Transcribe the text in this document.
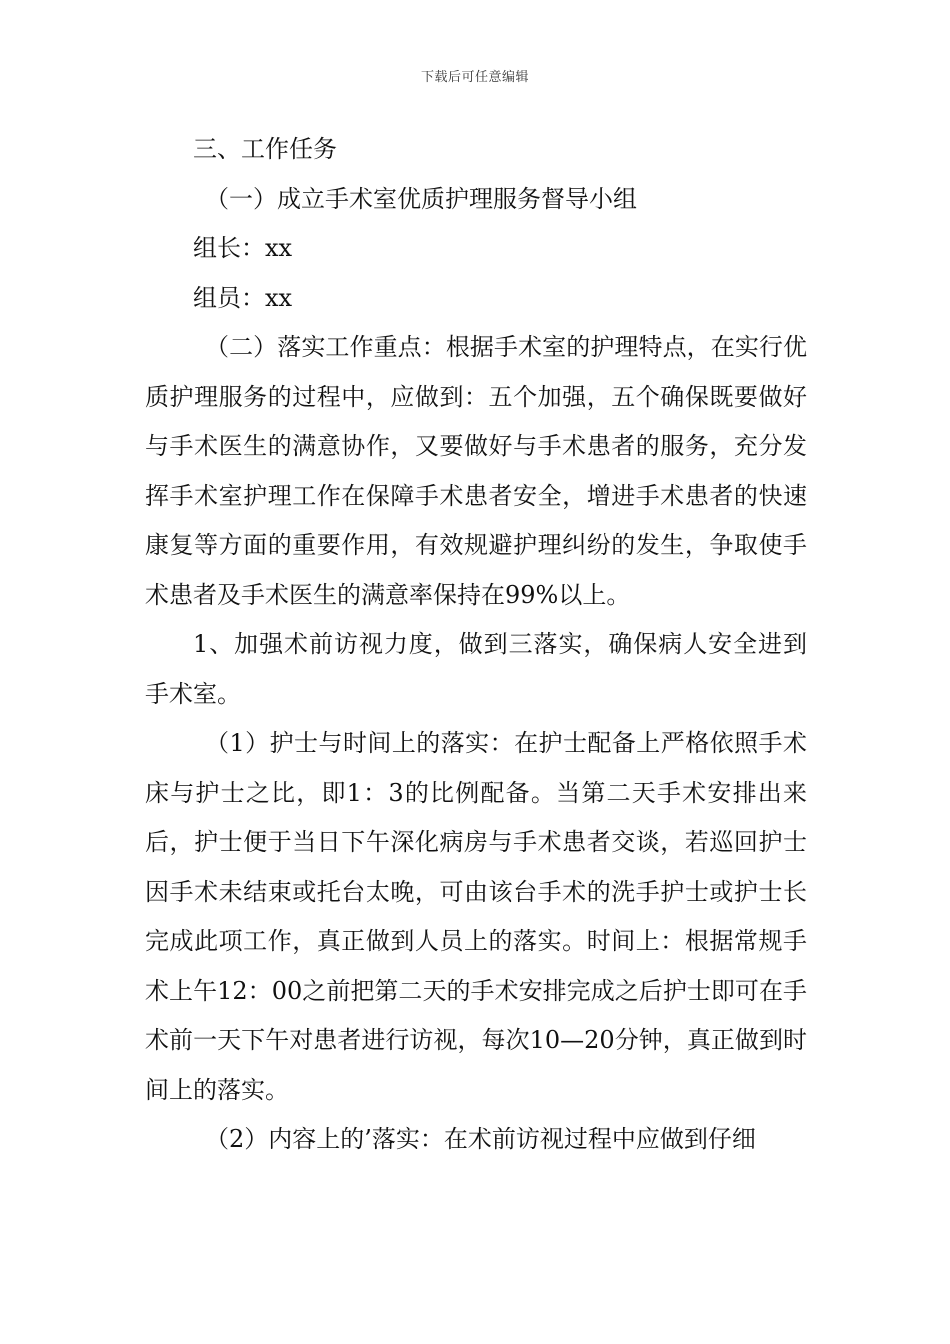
下载后可任意编辑

三、工作任务

（一）成立手术室优质护理服务督导小组

组长：xx

组员：xx

（二）落实工作重点：根据手术室的护理特点，在实行优质护理服务的过程中，应做到：五个加强，五个确保既要做好与手术医生的满意协作，又要做好与手术患者的服务，充分发挥手术室护理工作在保障手术患者安全，增进手术患者的快速康复等方面的重要作用，有效规避护理纠纷的发生，争取使手术患者及手术医生的满意率保持在99%以上。

1、加强术前访视力度，做到三落实，确保病人安全进到手术室。

（1）护士与时间上的落实：在护士配备上严格依照手术床与护士之比，即1：3的比例配备。当第二天手术安排出来后，护士便于当日下午深化病房与手术患者交谈，若巡回护士因手术未结束或托台太晚，可由该台手术的洗手护士或护士长完成此项工作，真正做到人员上的落实。时间上：根据常规手术上午12：00之前把第二天的手术安排完成之后护士即可在手术前一天下午对患者进行访视，每次10—20分钟，真正做到时间上的落实。

（2）内容上的’落实：在术前访视过程中应做到仔细
